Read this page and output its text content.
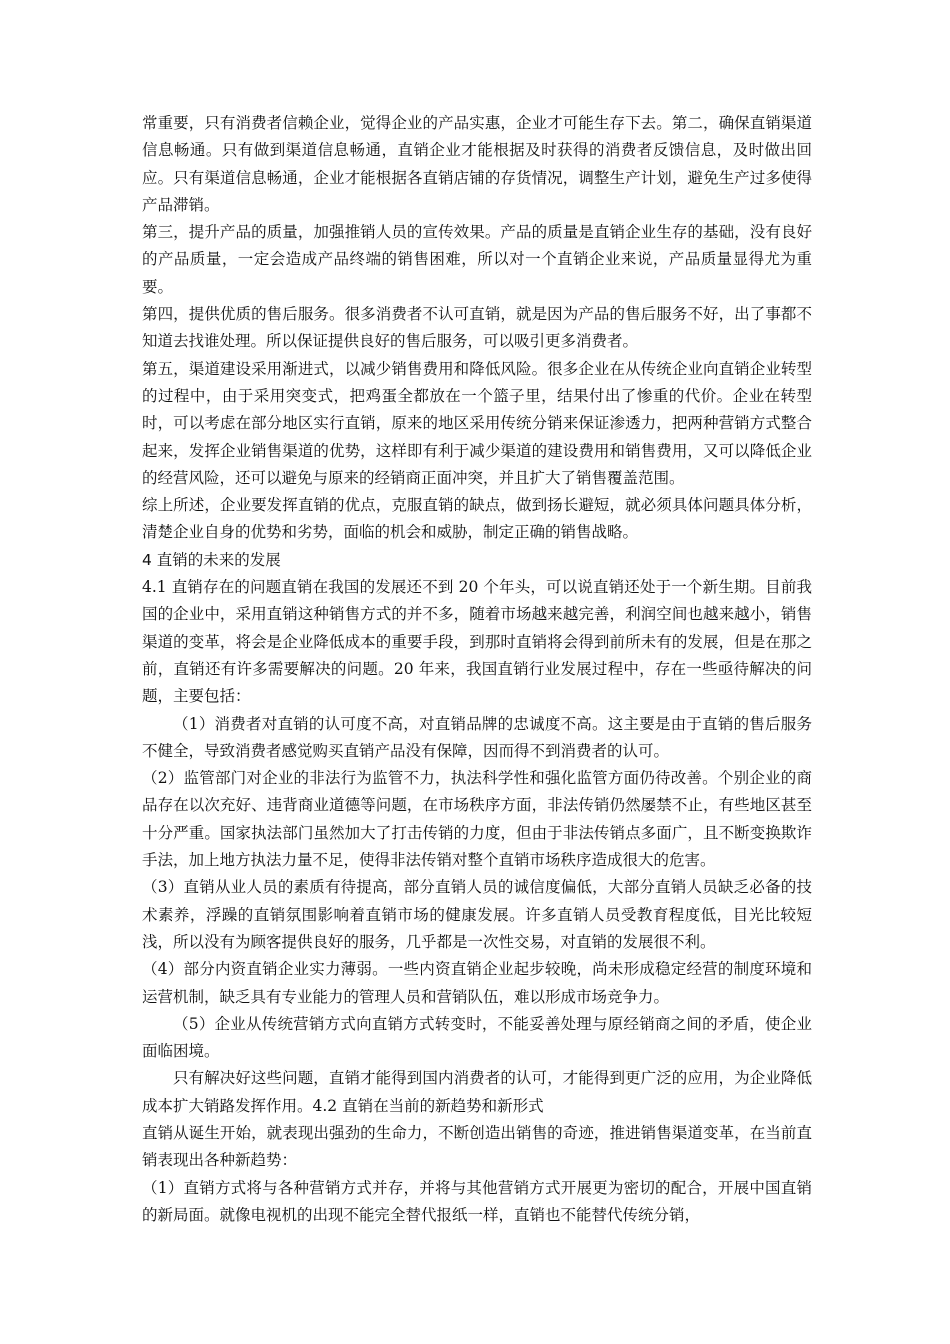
常重要，只有消费者信赖企业，觉得企业的产品实惠，企业才可能生存下去。第二，确保直销渠道信息畅通。只有做到渠道信息畅通，直销企业才能根据及时获得的消费者反馈信息，及时做出回应。只有渠道信息畅通，企业才能根据各直销店铺的存货情况，调整生产计划，避免生产过多使得产品滞销。

第三，提升产品的质量，加强推销人员的宣传效果。产品的质量是直销企业生存的基础，没有良好的产品质量，一定会造成产品终端的销售困难，所以对一个直销企业来说，产品质量显得尤为重要。

第四，提供优质的售后服务。很多消费者不认可直销，就是因为产品的售后服务不好，出了事都不知道去找谁处理。所以保证提供良好的售后服务，可以吸引更多消费者。

第五，渠道建设采用渐进式，以减少销售费用和降低风险。很多企业在从传统企业向直销企业转型的过程中，由于采用突变式，把鸡蛋全都放在一个篮子里，结果付出了惨重的代价。企业在转型时，可以考虑在部分地区实行直销，原来的地区采用传统分销来保证渗透力，把两种营销方式整合起来，发挥企业销售渠道的优势，这样即有利于减少渠道的建设费用和销售费用，又可以降低企业的经营风险，还可以避免与原来的经销商正面冲突，并且扩大了销售覆盖范围。

综上所述，企业要发挥直销的优点，克服直销的缺点，做到扬长避短，就必须具体问题具体分析，清楚企业自身的优势和劣势，面临的机会和威胁，制定正确的销售战略。

4 直销的未来的发展

4.1 直销存在的问题直销在我国的发展还不到 20 个年头，可以说直销还处于一个新生期。目前我国的企业中，采用直销这种销售方式的并不多，随着市场越来越完善，利润空间也越来越小，销售渠道的变革，将会是企业降低成本的重要手段，到那时直销将会得到前所未有的发展，但是在那之前，直销还有许多需要解决的问题。20 年来，我国直销行业发展过程中，存在一些亟待解决的问题，主要包括：

（1）消费者对直销的认可度不高，对直销品牌的忠诚度不高。这主要是由于直销的售后服务不健全，导致消费者感觉购买直销产品没有保障，因而得不到消费者的认可。

（2）监管部门对企业的非法行为监管不力，执法科学性和强化监管方面仍待改善。个别企业的商品存在以次充好、违背商业道德等问题，在市场秩序方面，非法传销仍然屡禁不止，有些地区甚至十分严重。国家执法部门虽然加大了打击传销的力度，但由于非法传销点多面广，且不断变换欺诈手法，加上地方执法力量不足，使得非法传销对整个直销市场秩序造成很大的危害。

（3）直销从业人员的素质有待提高，部分直销人员的诚信度偏低，大部分直销人员缺乏必备的技术素养，浮躁的直销氛围影响着直销市场的健康发展。许多直销人员受教育程度低，目光比较短浅，所以没有为顾客提供良好的服务，几乎都是一次性交易，对直销的发展很不利。

（4）部分内资直销企业实力薄弱。一些内资直销企业起步较晚，尚未形成稳定经营的制度环境和运营机制，缺乏具有专业能力的管理人员和营销队伍，难以形成市场竞争力。

（5）企业从传统营销方式向直销方式转变时，不能妥善处理与原经销商之间的矛盾，使企业面临困境。

只有解决好这些问题，直销才能得到国内消费者的认可，才能得到更广泛的应用，为企业降低成本扩大销路发挥作用。4.2 直销在当前的新趋势和新形式

直销从诞生开始，就表现出强劲的生命力，不断创造出销售的奇迹，推进销售渠道变革，在当前直销表现出各种新趋势：

（1）直销方式将与各种营销方式并存，并将与其他营销方式开展更为密切的配合，开展中国直销的新局面。就像电视机的出现不能完全替代报纸一样，直销也不能替代传统分销，
